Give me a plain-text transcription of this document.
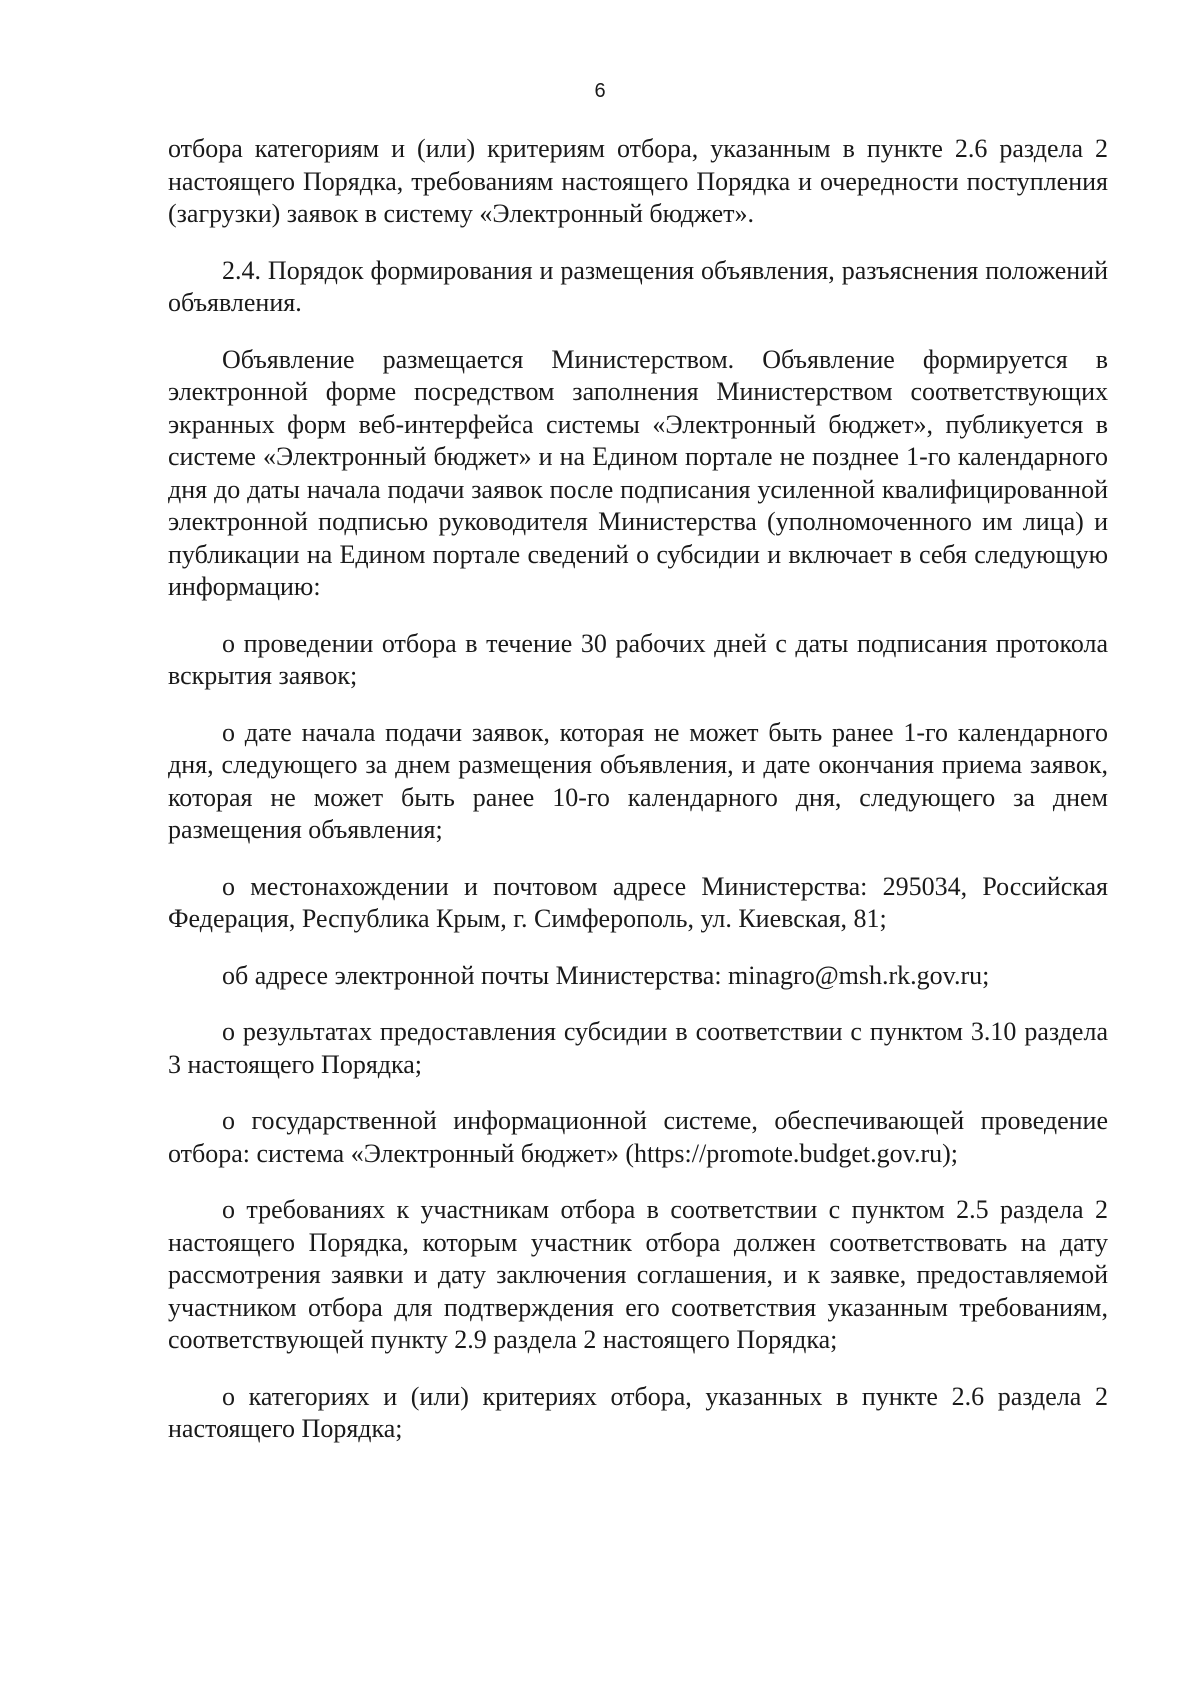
6

отбора категориям и (или) критериям отбора, указанным в пункте 2.6 раздела 2 настоящего Порядка, требованиям настоящего Порядка и очередности поступления (загрузки) заявок в систему «Электронный бюджет».

2.4. Порядок формирования и размещения объявления, разъяснения положений объявления.

Объявление размещается Министерством. Объявление формируется в электронной форме посредством заполнения Министерством соответствующих экранных форм веб-интерфейса системы «Электронный бюджет», публикуется в системе «Электронный бюджет» и на Едином портале не позднее 1-го календарного дня до даты начала подачи заявок после подписания усиленной квалифицированной электронной подписью руководителя Министерства (уполномоченного им лица) и публикации на Едином портале сведений о субсидии и включает в себя следующую информацию:

о проведении отбора в течение 30 рабочих дней с даты подписания протокола вскрытия заявок;

о дате начала подачи заявок, которая не может быть ранее 1-го календарного дня, следующего за днем размещения объявления, и дате окончания приема заявок, которая не может быть ранее 10-го календарного дня, следующего за днем размещения объявления;

о местонахождении и почтовом адресе Министерства: 295034, Российская Федерация, Республика Крым, г. Симферополь, ул. Киевская, 81;

об адресе электронной почты Министерства: minagro@msh.rk.gov.ru;

о результатах предоставления субсидии в соответствии с пунктом 3.10 раздела 3 настоящего Порядка;

о государственной информационной системе, обеспечивающей проведение отбора: система «Электронный бюджет» (https://promote.budget.gov.ru);

о требованиях к участникам отбора в соответствии с пунктом 2.5 раздела 2 настоящего Порядка, которым участник отбора должен соответствовать на дату рассмотрения заявки и дату заключения соглашения, и к заявке, предоставляемой участником отбора для подтверждения его соответствия указанным требованиям, соответствующей пункту 2.9 раздела 2 настоящего Порядка;

о категориях и (или) критериях отбора, указанных в пункте 2.6 раздела 2 настоящего Порядка;
